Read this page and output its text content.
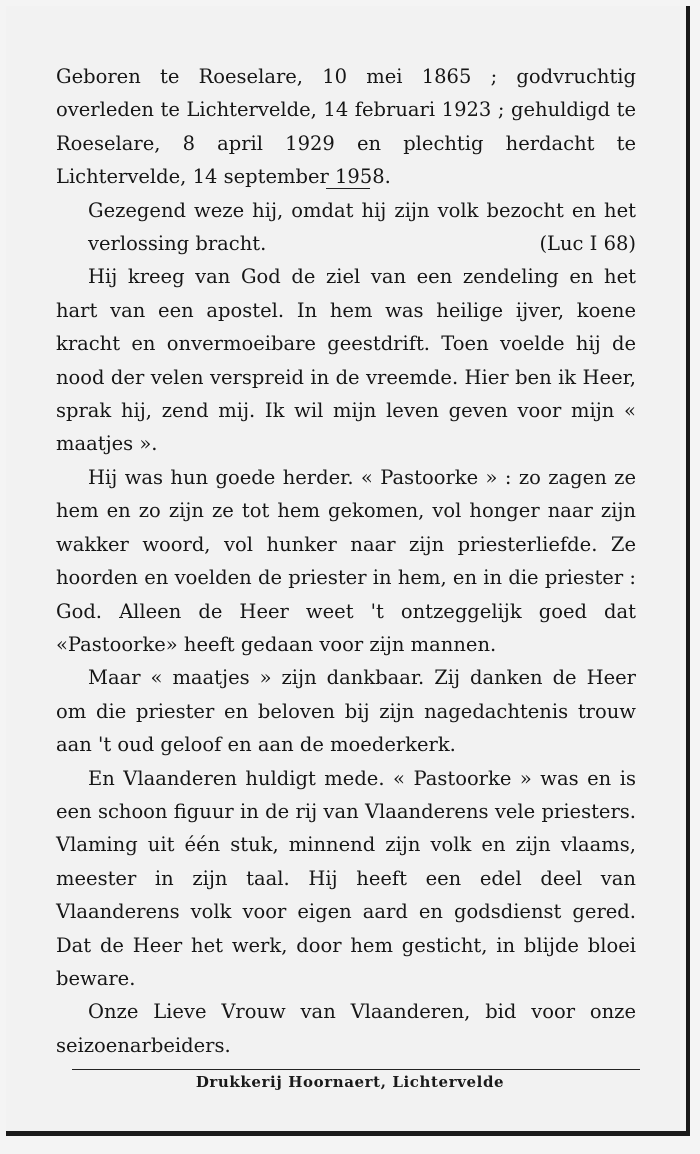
Geboren te Roeselare, 10 mei 1865 ; godvruchtig overleden te Lichtervelde, 14 februari 1923 ; gehuldigd te Roeselare, 8 april 1929 en plechtig herdacht te Lichtervelde, 14 september 1958.

Gezegend weze hij, omdat hij zijn volk bezocht en het verlossing bracht.	(Luc I 68)

Hij kreeg van God de ziel van een zendeling en het hart van een apostel. In hem was heilige ijver, koene kracht en onvermoeibare geestdrift. Toen voelde hij de nood der velen verspreid in de vreemde. Hier ben ik Heer, sprak hij, zend mij. Ik wil mijn leven geven voor mijn « maatjes ».

Hij was hun goede herder. « Pastoorke » : zo zagen ze hem en zo zijn ze tot hem gekomen, vol honger naar zijn wakker woord, vol hunker naar zijn priesterliefde. Ze hoorden en voelden de priester in hem, en in die priester : God. Alleen de Heer weet 't ontzeggelijk goed dat «Pastoorke» heeft gedaan voor zijn mannen.

Maar « maatjes » zijn dankbaar. Zij danken de Heer om die priester en beloven bij zijn nagedachtenis trouw aan 't oud geloof en aan de moederkerk.

En Vlaanderen huldigt mede. « Pastoorke » was en is een schoon figuur in de rij van Vlaanderens vele priesters. Vlaming uit één stuk, minnend zijn volk en zijn vlaams, meester in zijn taal. Hij heeft een edel deel van Vlaanderens volk voor eigen aard en godsdienst gered. Dat de Heer het werk, door hem gesticht, in blijde bloei beware.

Onze Lieve Vrouw van Vlaanderen, bid voor onze seizoenarbeiders.

Drukkerij Hoornaert, Lichtervelde
